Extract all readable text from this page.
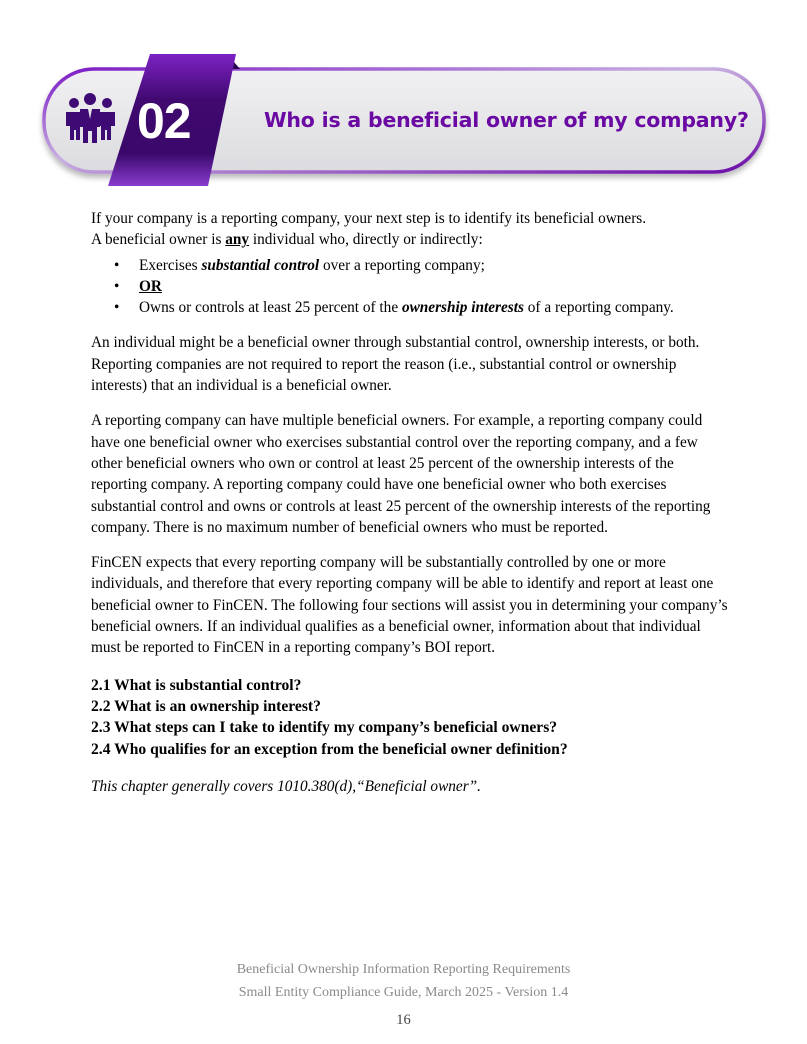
02	Who is a beneficial owner of my company?

If your company is a reporting company, your next step is to identify its beneficial owners.

A beneficial owner is any individual who, directly or indirectly:

• Exercises substantial control over a reporting company;
• OR
• Owns or controls at least 25 percent of the ownership interests of a reporting company.

An individual might be a beneficial owner through substantial control, ownership interests, or both. Reporting companies are not required to report the reason (i.e., substantial control or ownership interests) that an individual is a beneficial owner.

A reporting company can have multiple beneficial owners. For example, a reporting company could have one beneficial owner who exercises substantial control over the reporting company, and a few other beneficial owners who own or control at least 25 percent of the ownership interests of the reporting company. A reporting company could have one beneficial owner who both exercises substantial control and owns or controls at least 25 percent of the ownership interests of the reporting company. There is no maximum number of beneficial owners who must be reported.

FinCEN expects that every reporting company will be substantially controlled by one or more individuals, and therefore that every reporting company will be able to identify and report at least one beneficial owner to FinCEN. The following four sections will assist you in determining your company’s beneficial owners. If an individual qualifies as a beneficial owner, information about that individual must be reported to FinCEN in a reporting company’s BOI report.

2.1 What is substantial control?
2.2 What is an ownership interest?
2.3 What steps can I take to identify my company’s beneficial owners?
2.4 Who qualifies for an exception from the beneficial owner definition?

This chapter generally covers 1010.380(d),“Beneficial owner”.

Beneficial Ownership Information Reporting Requirements
Small Entity Compliance Guide, March 2025 - Version 1.4
16
